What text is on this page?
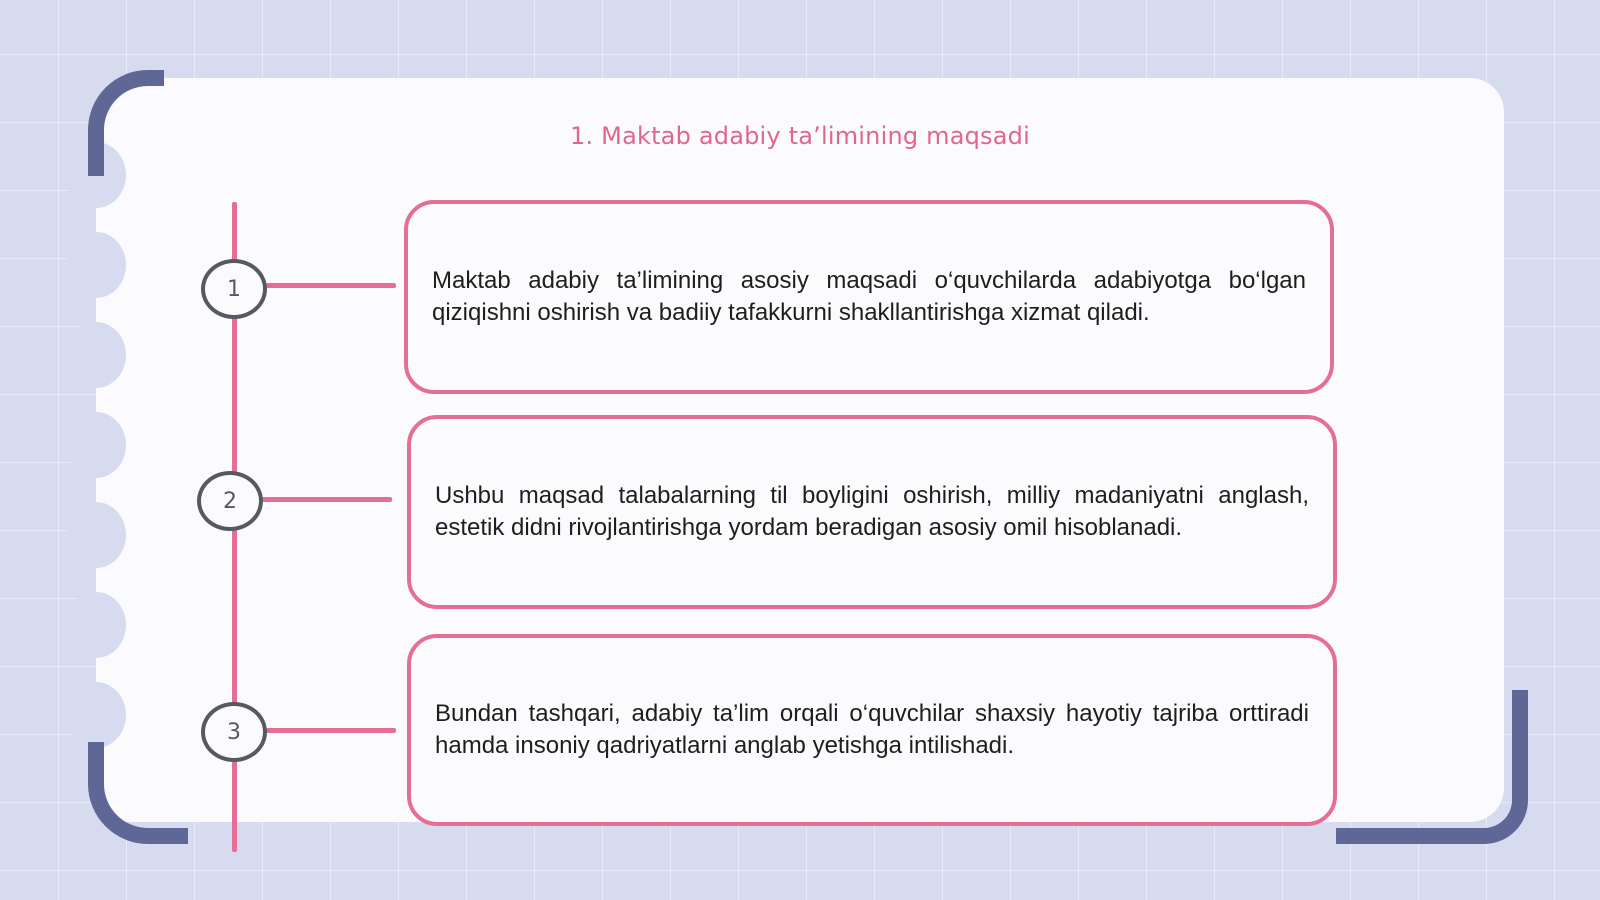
1. Maktab adabiy ta’limining maqsadi
1	Maktab adabiy ta’limining asosiy maqsadi o‘quvchilarda adabiyotga bo‘lgan qiziqishni oshirish va badiiy tafakkurni shakllantirishga xizmat qiladi.

2	Ushbu maqsad talabalarning til boyligini oshirish, milliy madaniyatni anglash, estetik didni rivojlantirishga yordam beradigan asosiy omil hisoblanadi.

3

Bundan tashqari, adabiy ta’lim orqali o‘quvchilar shaxsiy hayotiy tajriba orttiradi hamda insoniy qadriyatlarni anglab yetishga intilishadi.
